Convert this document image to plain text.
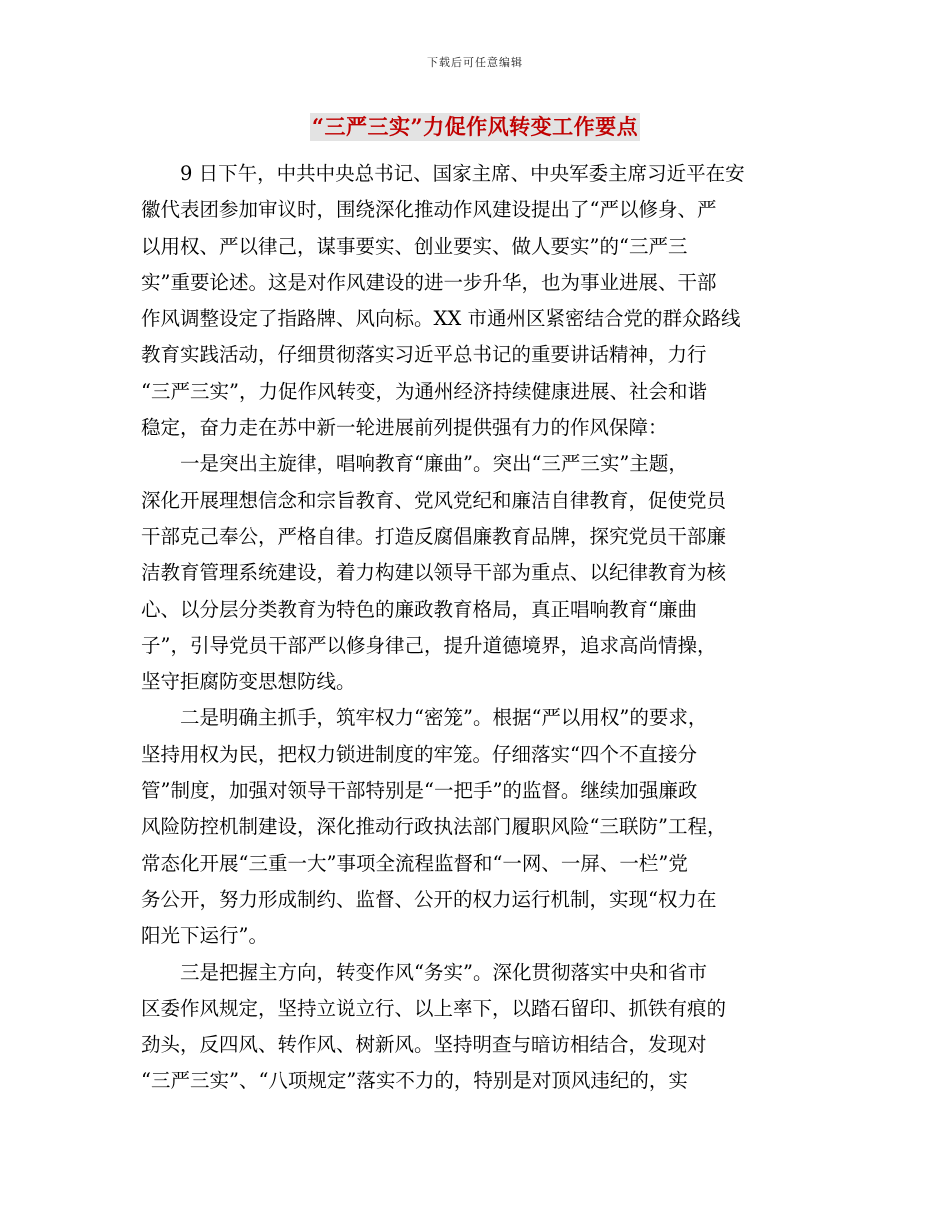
下载后可任意编辑
“三严三实”力促作风转变工作要点

　　9 日下午，中共中央总书记、国家主席、中央军委主席习近平在安
徽代表团参加审议时，围绕深化推动作风建设提出了“严以修身、严
以用权、严以律己，谋事要实、创业要实、做人要实”的“三严三
实”重要论述。这是对作风建设的进一步升华，也为事业进展、干部
作风调整设定了指路牌、风向标。XX 市通州区紧密结合党的群众路线
教育实践活动，仔细贯彻落实习近平总书记的重要讲话精神，力行
“三严三实”，力促作风转变，为通州经济持续健康进展、社会和谐
稳定，奋力走在苏中新一轮进展前列提供强有力的作风保障：

　　一是突出主旋律，唱响教育“廉曲”。突出“三严三实”主题，
深化开展理想信念和宗旨教育、党风党纪和廉洁自律教育，促使党员
干部克己奉公，严格自律。打造反腐倡廉教育品牌，探究党员干部廉
洁教育管理系统建设，着力构建以领导干部为重点、以纪律教育为核
心、以分层分类教育为特色的廉政教育格局，真正唱响教育“廉曲
子”，引导党员干部严以修身律己，提升道德境界，追求高尚情操，
坚守拒腐防变思想防线。

　　二是明确主抓手，筑牢权力“密笼”。根据“严以用权”的要求，
坚持用权为民，把权力锁进制度的牢笼。仔细落实“四个不直接分
管”制度，加强对领导干部特别是“一把手”的监督。继续加强廉政
风险防控机制建设，深化推动行政执法部门履职风险“三联防”工程，
常态化开展“三重一大”事项全流程监督和“一网、一屏、一栏”党
务公开，努力形成制约、监督、公开的权力运行机制，实现“权力在
阳光下运行”。

　　三是把握主方向，转变作风“务实”。深化贯彻落实中央和省市
区委作风规定，坚持立说立行、以上率下，以踏石留印、抓铁有痕的
劲头，反四风、转作风、树新风。坚持明查与暗访相结合，发现对
“三严三实”、“八项规定”落实不力的，特别是对顶风违纪的，实
